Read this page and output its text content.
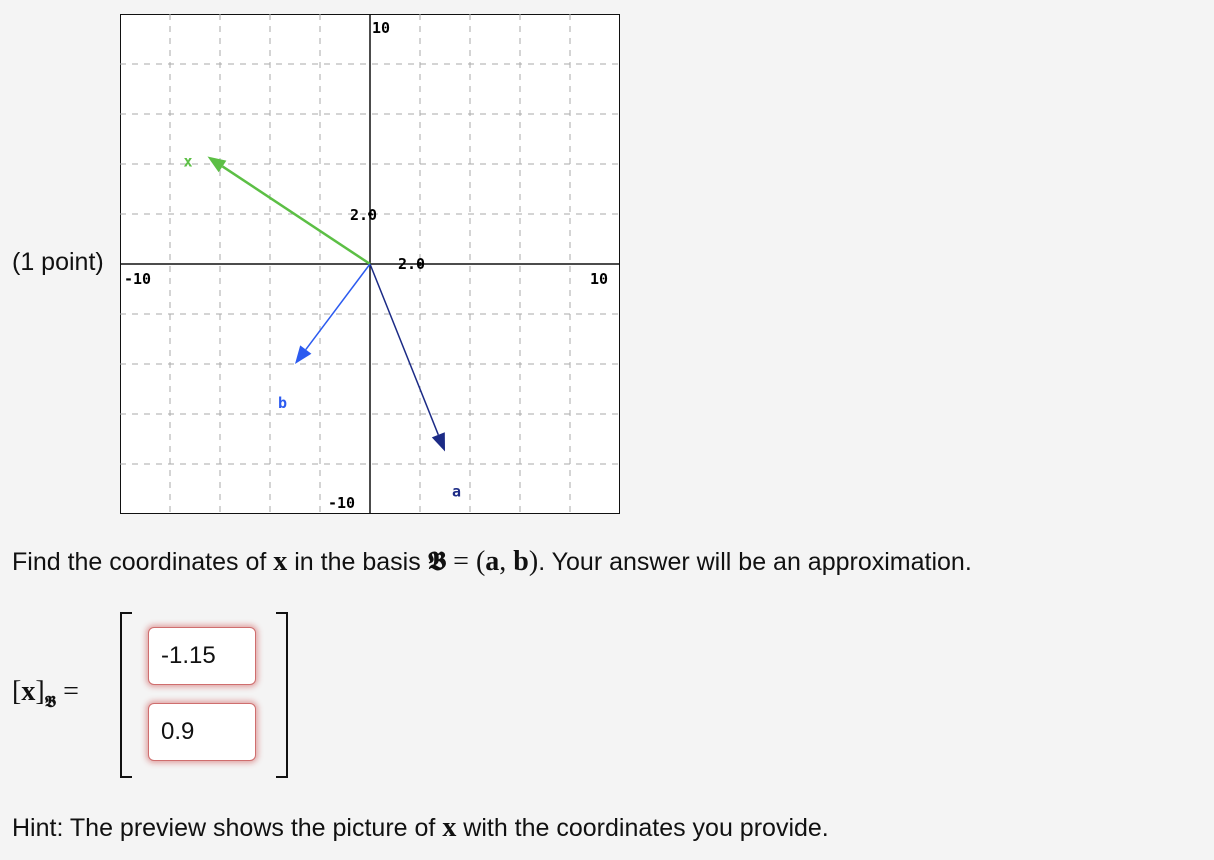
(1 point)
x
a
b
10
-10
-10	10
2.0
2.0
Find the coordinates of x in the basis 𝕭 = (a, b). Your answer will be an approximation.
$[x]_𝕭$ =
-1.15
0.9
Hint: The preview shows the picture of x with the coordinates you provide.
